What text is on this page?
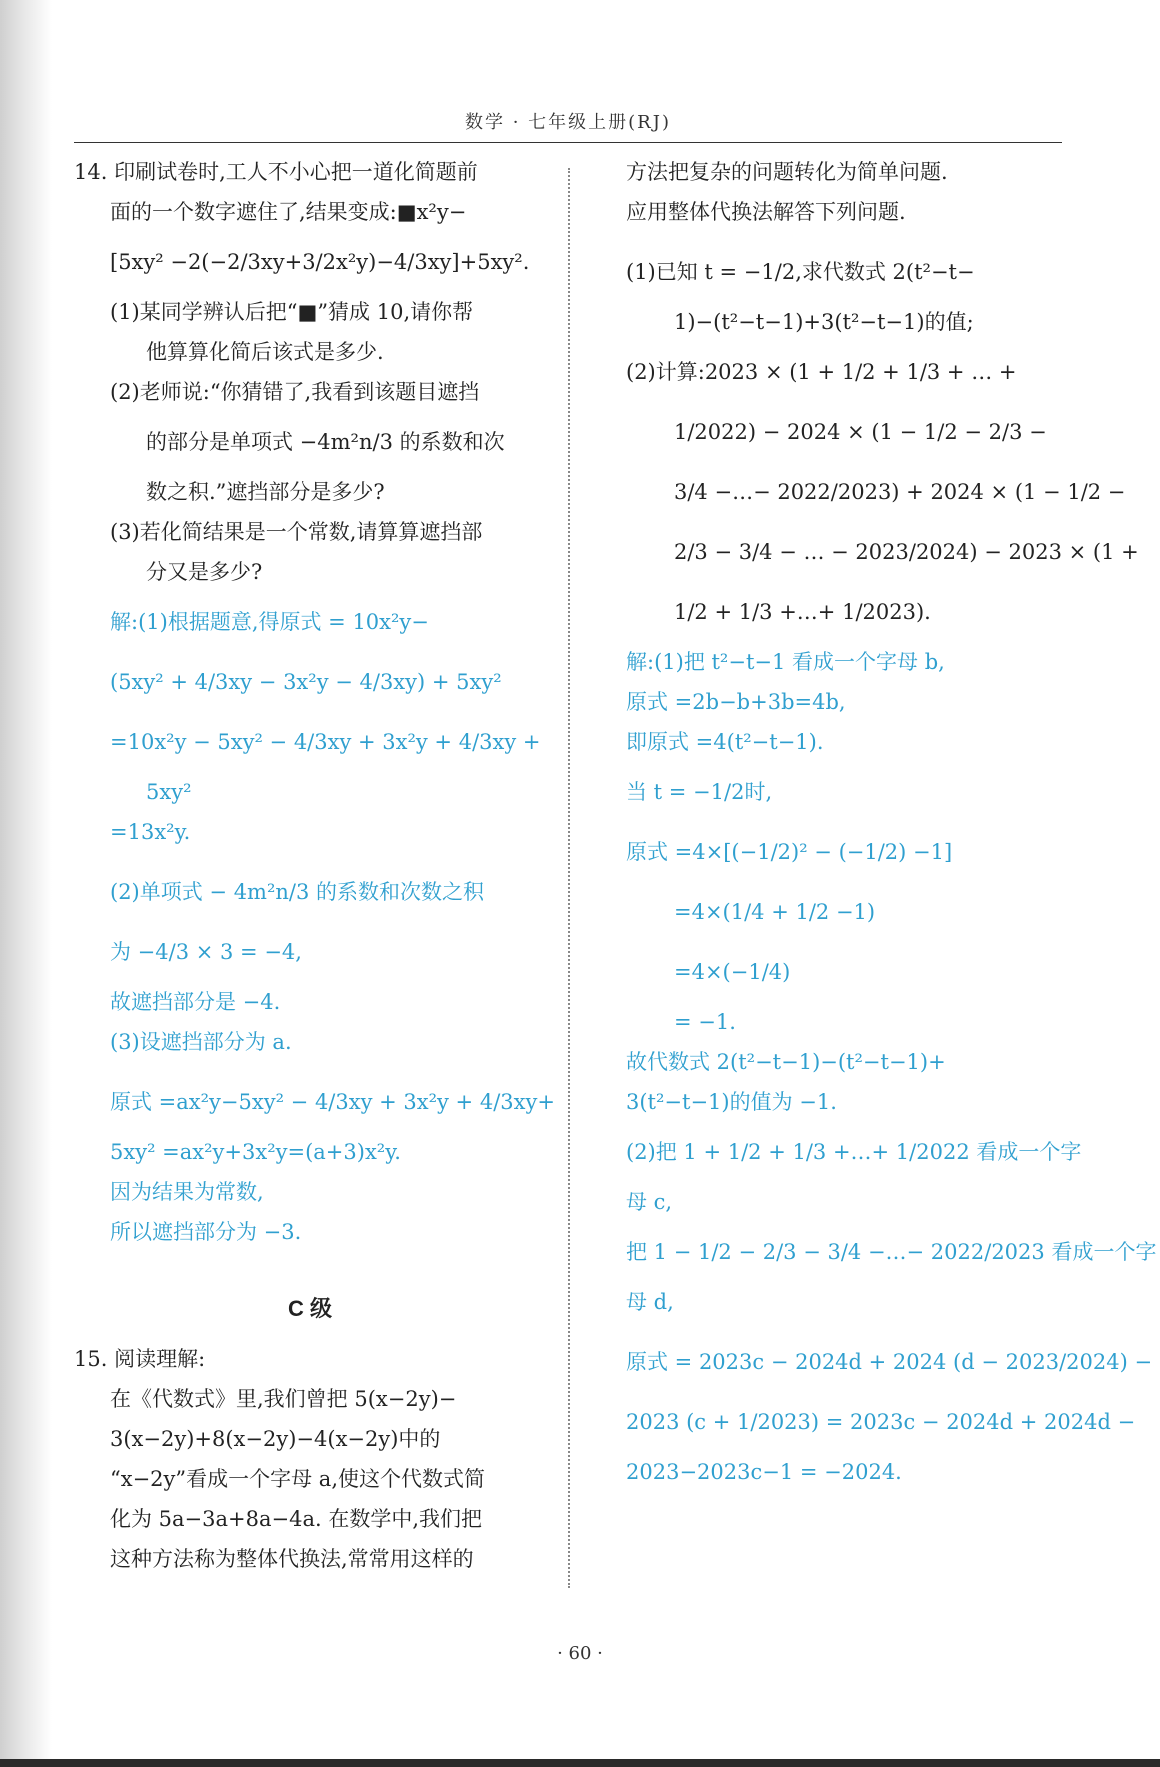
数学 · 七年级上册(RJ)
14. 印刷试卷时,工人不小心把一道化简题前
面的一个数字遮住了,结果变成:■x²y−
[5xy² −2(−2/3xy+3/2x²y)−4/3xy]+5xy².
(1)某同学辨认后把“■”猜成 10,请你帮
他算算化简后该式是多少.
(2)老师说:“你猜错了,我看到该题目遮挡
的部分是单项式 −4m²n/3 的系数和次
数之积.”遮挡部分是多少?
(3)若化简结果是一个常数,请算算遮挡部
分又是多少?
解:(1)根据题意,得原式 = 10x²y−
(5xy² + 4/3xy − 3x²y − 4/3xy) + 5xy²
=10x²y − 5xy² − 4/3xy + 3x²y + 4/3xy +
5xy²
=13x²y.
(2)单项式 − 4m²n/3 的系数和次数之积
为 −4/3 × 3 = −4,
故遮挡部分是 −4.
(3)设遮挡部分为 a.
原式 =ax²y−5xy² − 4/3xy + 3x²y + 4/3xy+
5xy² =ax²y+3x²y=(a+3)x²y.
因为结果为常数,
所以遮挡部分为 −3.
C 级
15. 阅读理解:
在《代数式》里,我们曾把 5(x−2y)−
3(x−2y)+8(x−2y)−4(x−2y)中的
“x−2y”看成一个字母 a,使这个代数式简
化为 5a−3a+8a−4a. 在数学中,我们把
这种方法称为整体代换法,常常用这样的
方法把复杂的问题转化为简单问题.
应用整体代换法解答下列问题.
(1)已知 t = −1/2,求代数式 2(t²−t−
1)−(t²−t−1)+3(t²−t−1)的值;
(2)计算:2023 × (1 + 1/2 + 1/3 + … +
1/2022) − 2024 × (1 − 1/2 − 2/3 −
3/4 −…− 2022/2023) + 2024 × (1 − 1/2 −
2/3 − 3/4 − … − 2023/2024) − 2023 × (1 +
1/2 + 1/3 +…+ 1/2023).
解:(1)把 t²−t−1 看成一个字母 b,
原式 =2b−b+3b=4b,
即原式 =4(t²−t−1).
当 t = −1/2时,
原式 =4×[(−1/2)² − (−1/2) −1]
=4×(1/4 + 1/2 −1)
=4×(−1/4)
= −1.
故代数式 2(t²−t−1)−(t²−t−1)+
3(t²−t−1)的值为 −1.
(2)把 1 + 1/2 + 1/3 +…+ 1/2022 看成一个字
母 c,
把 1 − 1/2 − 2/3 − 3/4 −…− 2022/2023 看成一个字
母 d,
原式 = 2023c − 2024d + 2024 (d − 2023/2024) −
2023 (c + 1/2023) = 2023c − 2024d + 2024d −
2023−2023c−1 = −2024.
· 60 ·
